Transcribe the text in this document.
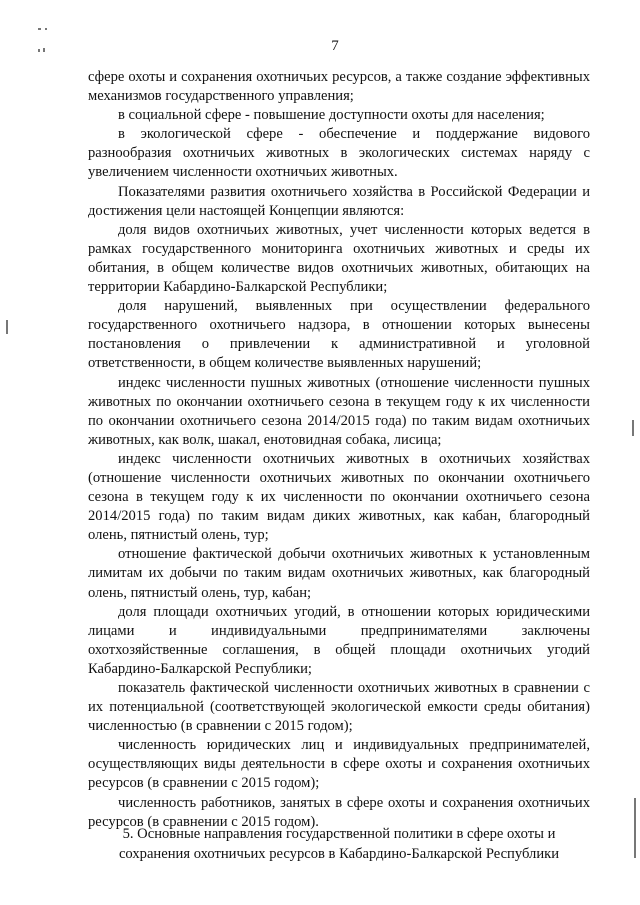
7

сфере охоты и сохранения охотничьих ресурсов, а также создание эффективных механизмов государственного управления;

в социальной сфере - повышение доступности охоты для населения;

в экологической сфере - обеспечение и поддержание видового разнообразия охотничьих животных в экологических системах наряду с увеличением численности охотничьих животных.

Показателями развития охотничьего хозяйства в Российской Федерации и достижения цели настоящей Концепции являются:

доля видов охотничьих животных, учет численности которых ведется в рамках государственного мониторинга охотничьих животных и среды их обитания, в общем количестве видов охотничьих животных, обитающих на территории Кабардино-Балкарской Республики;

доля нарушений, выявленных при осуществлении федерального государственного охотничьего надзора, в отношении которых вынесены постановления о привлечении к административной и уголовной ответственности, в общем количестве выявленных нарушений;

индекс численности пушных животных (отношение численности пушных животных по окончании охотничьего сезона в текущем году к их численности по окончании охотничьего сезона 2014/2015 года) по таким видам охотничьих животных, как волк, шакал, енотовидная собака, лисица;

индекс численности охотничьих животных в охотничьих хозяйствах (отношение численности охотничьих животных по окончании охотничьего сезона в текущем году к их численности по окончании охотничьего сезона 2014/2015 года) по таким видам диких животных, как кабан, благородный олень, пятнистый олень, тур;

отношение фактической добычи охотничьих животных к установленным лимитам их добычи по таким видам охотничьих животных, как благородный олень, пятнистый олень, тур, кабан;

доля площади охотничьих угодий, в отношении которых юридическими лицами и индивидуальными предпринимателями заключены охотхозяйственные соглашения, в общей площади охотничьих угодий Кабардино-Балкарской Республики;

показатель фактической численности охотничьих животных в сравнении с их потенциальной (соответствующей экологической емкости среды обитания) численностью (в сравнении с 2015 годом);

численность юридических лиц и индивидуальных предпринимателей, осуществляющих виды деятельности в сфере охоты и сохранения охотничьих ресурсов (в сравнении с 2015 годом);

численность работников, занятых в сфере охоты и сохранения охотничьих ресурсов (в сравнении с 2015 годом).

5. Основные направления государственной политики в сфере охоты и
сохранения охотничьих ресурсов в Кабардино-Балкарской Республики
